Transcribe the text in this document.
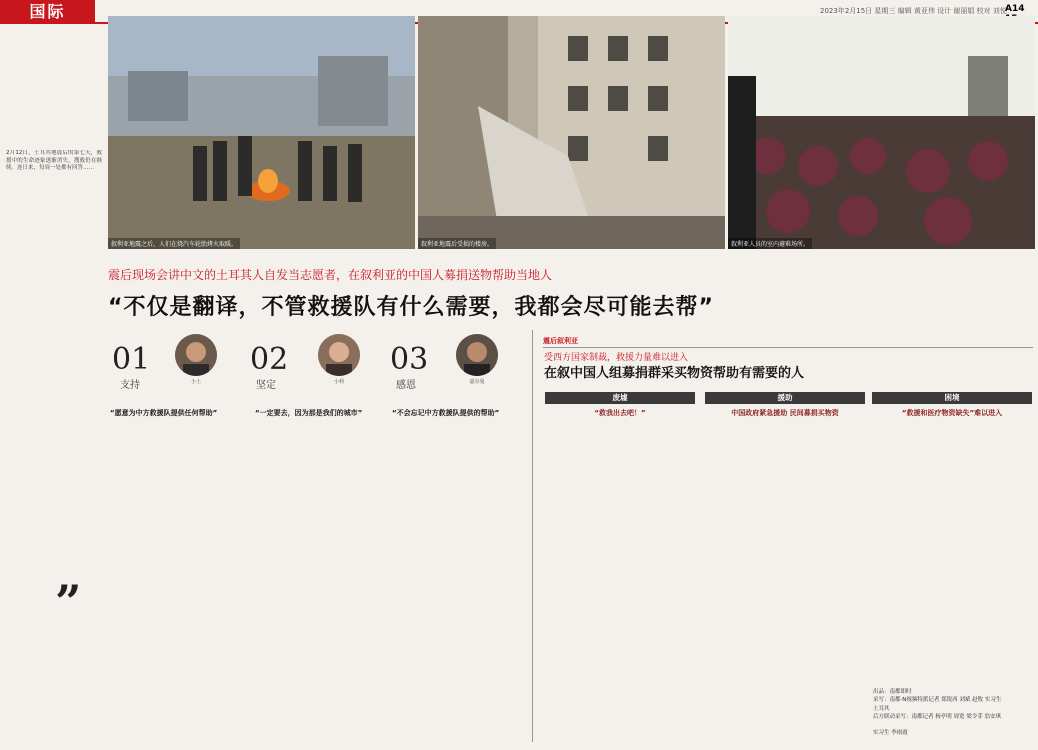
国际	2023年2月15日 星期三 编辑 黄亚伟 设计 谢丽娟 校对 刘悦
A14
叙利亚地震之后，人们在烧汽车轮胎烤火取暖。	叙利亚地震后受损的楼房。	叙利亚人员的室内避难场所。
2月12日，土耳其地震后的第七天，救援中的生命迹象逐渐消失，搜救仍在继续。连日来，每周一处都有回答……
”
震后现场会讲中文的土耳其人自发当志愿者，在叙利亚的中国人募捐送物帮助当地人
“不仅是翻译，不管救援队有什么需要，我都会尽可能去帮”
01
支持	小土
02
坚定	小莉
03
感恩	嘉尔曼
“愿意为中方救援队提供任何帮助”	“一定要去，因为那是我们的城市”	“不会忘记中方救援队提供的帮助”
震后叙利亚
受西方国家制裁，救援力量难以进入
在叙中国人组募捐群采买物资帮助有需要的人
废墟
“救我出去吧！”
援助
中国政府紧急援助 民间募捐买物资
困境
“救援和医疗物资缺失”难以进入
出品：南都即时
采写：南都·N视频特派记者 郑锐西 刘斌 赵牧 实习生
土耳其
后方联动采写：南都记者 杨亭明 周宽 梁令芽 翁安琪
实习生 李雨霞
